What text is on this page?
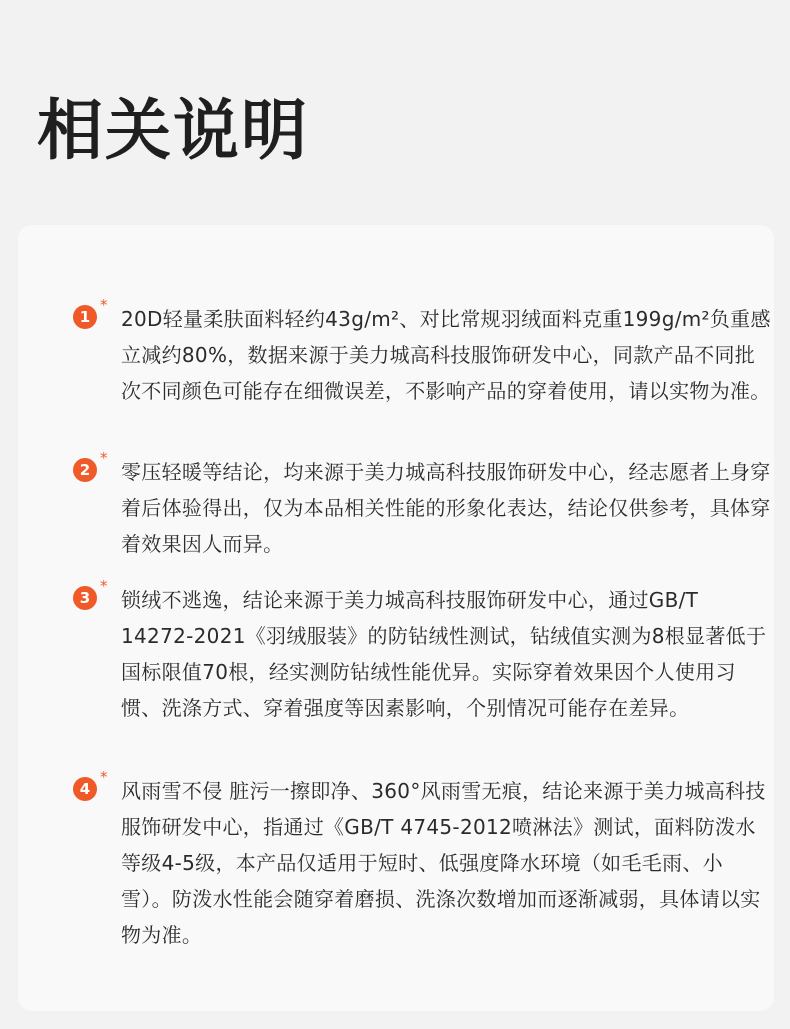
相关说明
1
*

20D轻量柔肤面料轻约43g/m²、对比常规羽绒面料克重199g/m²负重感立减约80%，数据来源于美力城高科技服饰研发中心，同款产品不同批次不同颜色可能存在细微误差，不影响产品的穿着使用，请以实物为准。

2
*

零压轻暖等结论，均来源于美力城高科技服饰研发中心，经志愿者上身穿着后体验得出，仅为本品相关性能的形象化表达，结论仅供参考，具体穿着效果因人而异。

3
*

锁绒不逃逸，结论来源于美力城高科技服饰研发中心，通过GB/T 14272-2021《羽绒服装》的防钻绒性测试，钻绒值实测为8根显著低于国标限值70根，经实测防钻绒性能优异。实际穿着效果因个人使用习惯、洗涤方式、穿着强度等因素影响，个别情况可能存在差异。

4
*

风雨雪不侵 脏污一擦即净、360°风雨雪无痕，结论来源于美力城高科技服饰研发中心，指通过《GB/T 4745-2012喷淋法》测试，面料防泼水等级4-5级，本产品仅适用于短时、低强度降水环境（如毛毛雨、小雪）。防泼水性能会随穿着磨损、洗涤次数增加而逐渐减弱，具体请以实物为准。
